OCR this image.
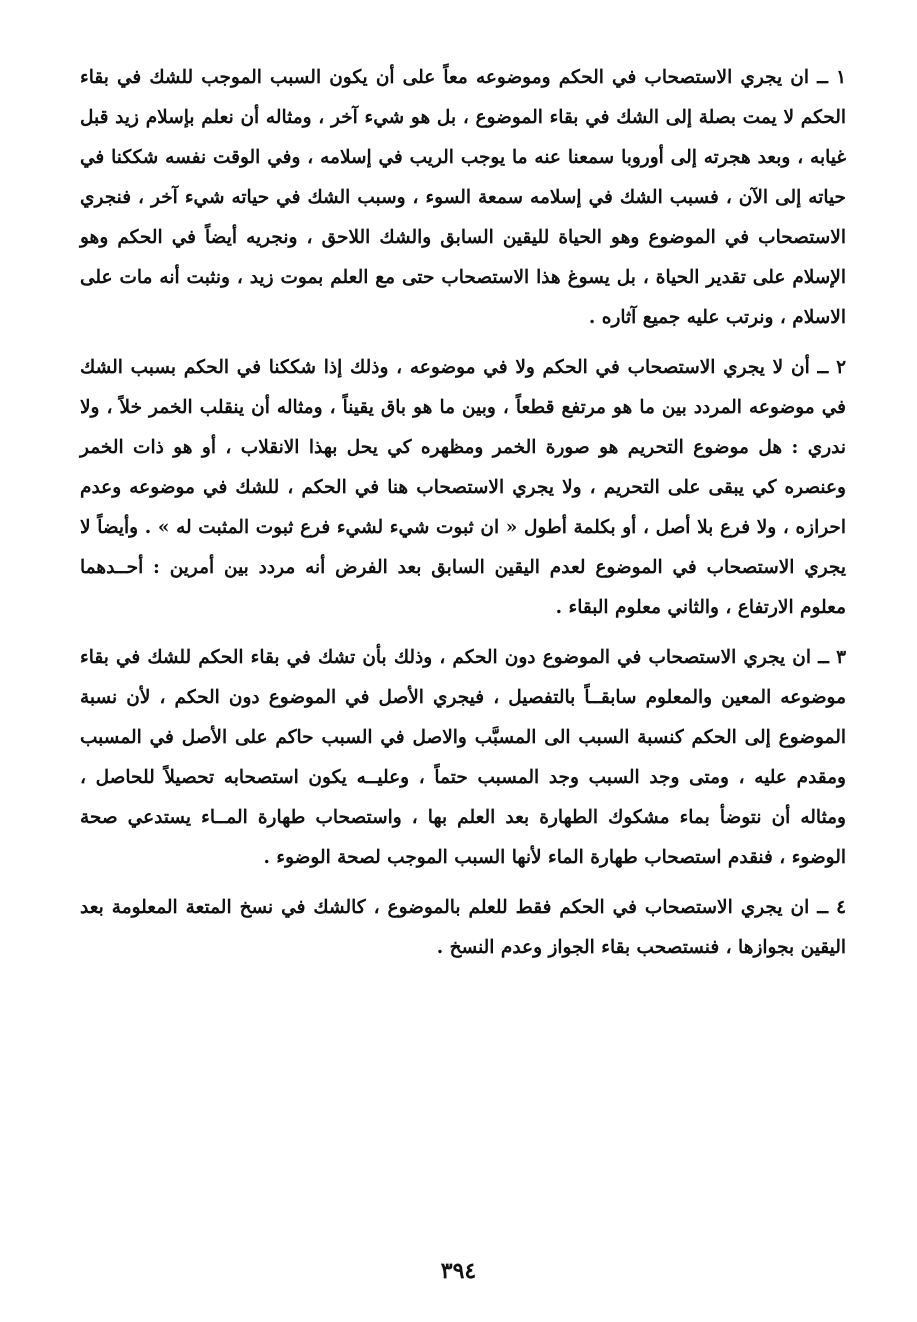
١ ــ ان يجري الاستصحاب في الحكم وموضوعه معاً على أن يكون السبب الموجب للشك في بقاء الحكم لا يمت بصلة إلى الشك في بقاء الموضوع ، بل هو شيء آخر ، ومثاله أن نعلم بإسلام زيد قبل غيابه ، وبعد هجرته إلى أوروبا سمعنا عنه ما يوجب الريب في إسلامه ، وفي الوقت نفسه شككنا في حياته إلى الآن ، فسبب الشك في إسلامه سمعة السوء ، وسبب الشك في حياته شيء آخر ، فنجري الاستصحاب في الموضوع وهو الحياة لليقين السابق والشك اللاحق ، ونجريه أيضاً في الحكم وهو الإسلام على تقدير الحياة ، بل يسوغ هذا الاستصحاب حتى مع العلم بموت زيد ، ونثبت أنه مات على الاسلام ، ونرتب عليه جميع آثاره .

٢ ــ أن لا يجري الاستصحاب في الحكم ولا في موضوعه ، وذلك إذا شككنا في الحكم بسبب الشك في موضوعه المردد بين ما هو مرتفع قطعاً ، وبين ما هو باق يقيناً ، ومثاله أن ينقلب الخمر خلاً ، ولا ندري : هل موضوع التحريم هو صورة الخمر ومظهره كي يحل بهذا الانقلاب ، أو هو ذات الخمر وعنصره كي يبقى على التحريم ، ولا يجري الاستصحاب هنا في الحكم ، للشك في موضوعه وعدم احرازه ، ولا فرع بلا أصل ، أو بكلمة أطول « ان ثبوت شيء لشيء فرع ثبوت المثبت له » . وأيضاً لا يجري الاستصحاب في الموضوع لعدم اليقين السابق بعد الفرض أنه مردد بين أمرين : أحــدهما معلوم الارتفاع ، والثاني معلوم البقاء .

٣ ــ ان يجري الاستصحاب في الموضوع دون الحكم ، وذلك بأن تشك في بقاء الحكم للشك في بقاء موضوعه المعين والمعلوم سابقــاً بالتفصيل ، فيجري الأصل في الموضوع دون الحكم ، لأن نسبة الموضوع إلى الحكم كنسبة السبب الى المسبَّب والاصل في السبب حاكم على الأصل في المسبب ومقدم عليه ، ومتى وجد السبب وجد المسبب حتماً ، وعليــه يكون استصحابه تحصيلاً للحاصل ، ومثاله أن نتوضأ بماء مشكوك الطهارة بعد العلم بها ، واستصحاب طهارة المــاء يستدعي صحة الوضوء ، فنقدم استصحاب طهارة الماء لأنها السبب الموجب لصحة الوضوء .

٤ ــ ان يجري الاستصحاب في الحكم فقط للعلم بالموضوع ، كالشك في نسخ المتعة المعلومة بعد اليقين بجوازها ، فنستصحب بقاء الجواز وعدم النسخ .

٣٩٤
